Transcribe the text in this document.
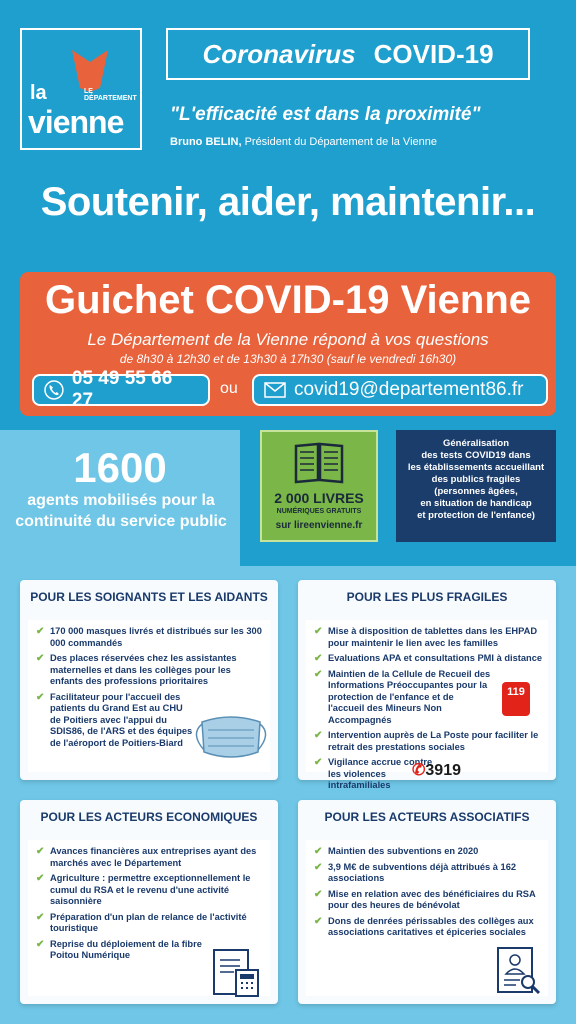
la	LE DÉPARTEMENT
vienne
Coronavirus COVID-19
"L'efficacité est dans la proximité"
Bruno BELIN, Président du Département de la Vienne
Soutenir, aider, maintenir...
Guichet COVID-19 Vienne
Le Département de la Vienne répond à vos questions
de 8h30 à 12h30 et de 13h30 à 17h30 (sauf le vendredi 16h30)
05 49 55 66 27
ou	covid19@departement86.fr
1600
agents mobilisés pour la continuité du service public
2 000 LIVRES
NUMÉRIQUES GRATUITS
sur lireenvienne.fr
Généralisation
des tests COVID19 dans
les établissements accueillant
des publics fragiles
(personnes âgées,
en situation de handicap
et protection de l'enfance)
POUR LES SOIGNANTS ET LES AIDANTS
✔ 170 000 masques livrés et distribués sur les 300 000 commandés
✔ Des places réservées chez les assistantes maternelles et dans les collèges pour les enfants des professions prioritaires
✔ Facilitateur pour l'accueil des patients du Grand Est au CHU de Poitiers avec l'appui du SDIS86, de l'ARS et des équipes de l'aéroport de Poitiers-Biard
POUR LES PLUS FRAGILES
✔ Mise à disposition de tablettes dans les EHPAD pour maintenir le lien avec les familles
✔ Evaluations APA et consultations PMI à distance
✔ Maintien de la Cellule de Recueil des Informations Préoccupantes pour la protection de l'enfance et de l'accueil des Mineurs Non Accompagnés
✔ Intervention auprès de La Poste pour faciliter le retrait des prestations sociales
✔ Vigilance accrue contre les violences intrafamiliales
119
✆3919
POUR LES ACTEURS ECONOMIQUES
✔ Avances financières aux entreprises ayant des marchés avec le Département
✔ Agriculture : permettre exceptionnellement le cumul du RSA et le revenu d'une activité saisonnière
✔ Préparation d'un plan de relance de l'activité touristique
✔ Reprise du déploiement de la fibre Poitou Numérique
POUR LES ACTEURS ASSOCIATIFS
✔ Maintien des subventions en 2020
✔ 3,9 M€ de subventions déjà attribués à 162 associations
✔ Mise en relation avec des bénéficiaires du RSA pour des heures de bénévolat
✔ Dons de denrées périssables des collèges aux associations caritatives et épiceries sociales
